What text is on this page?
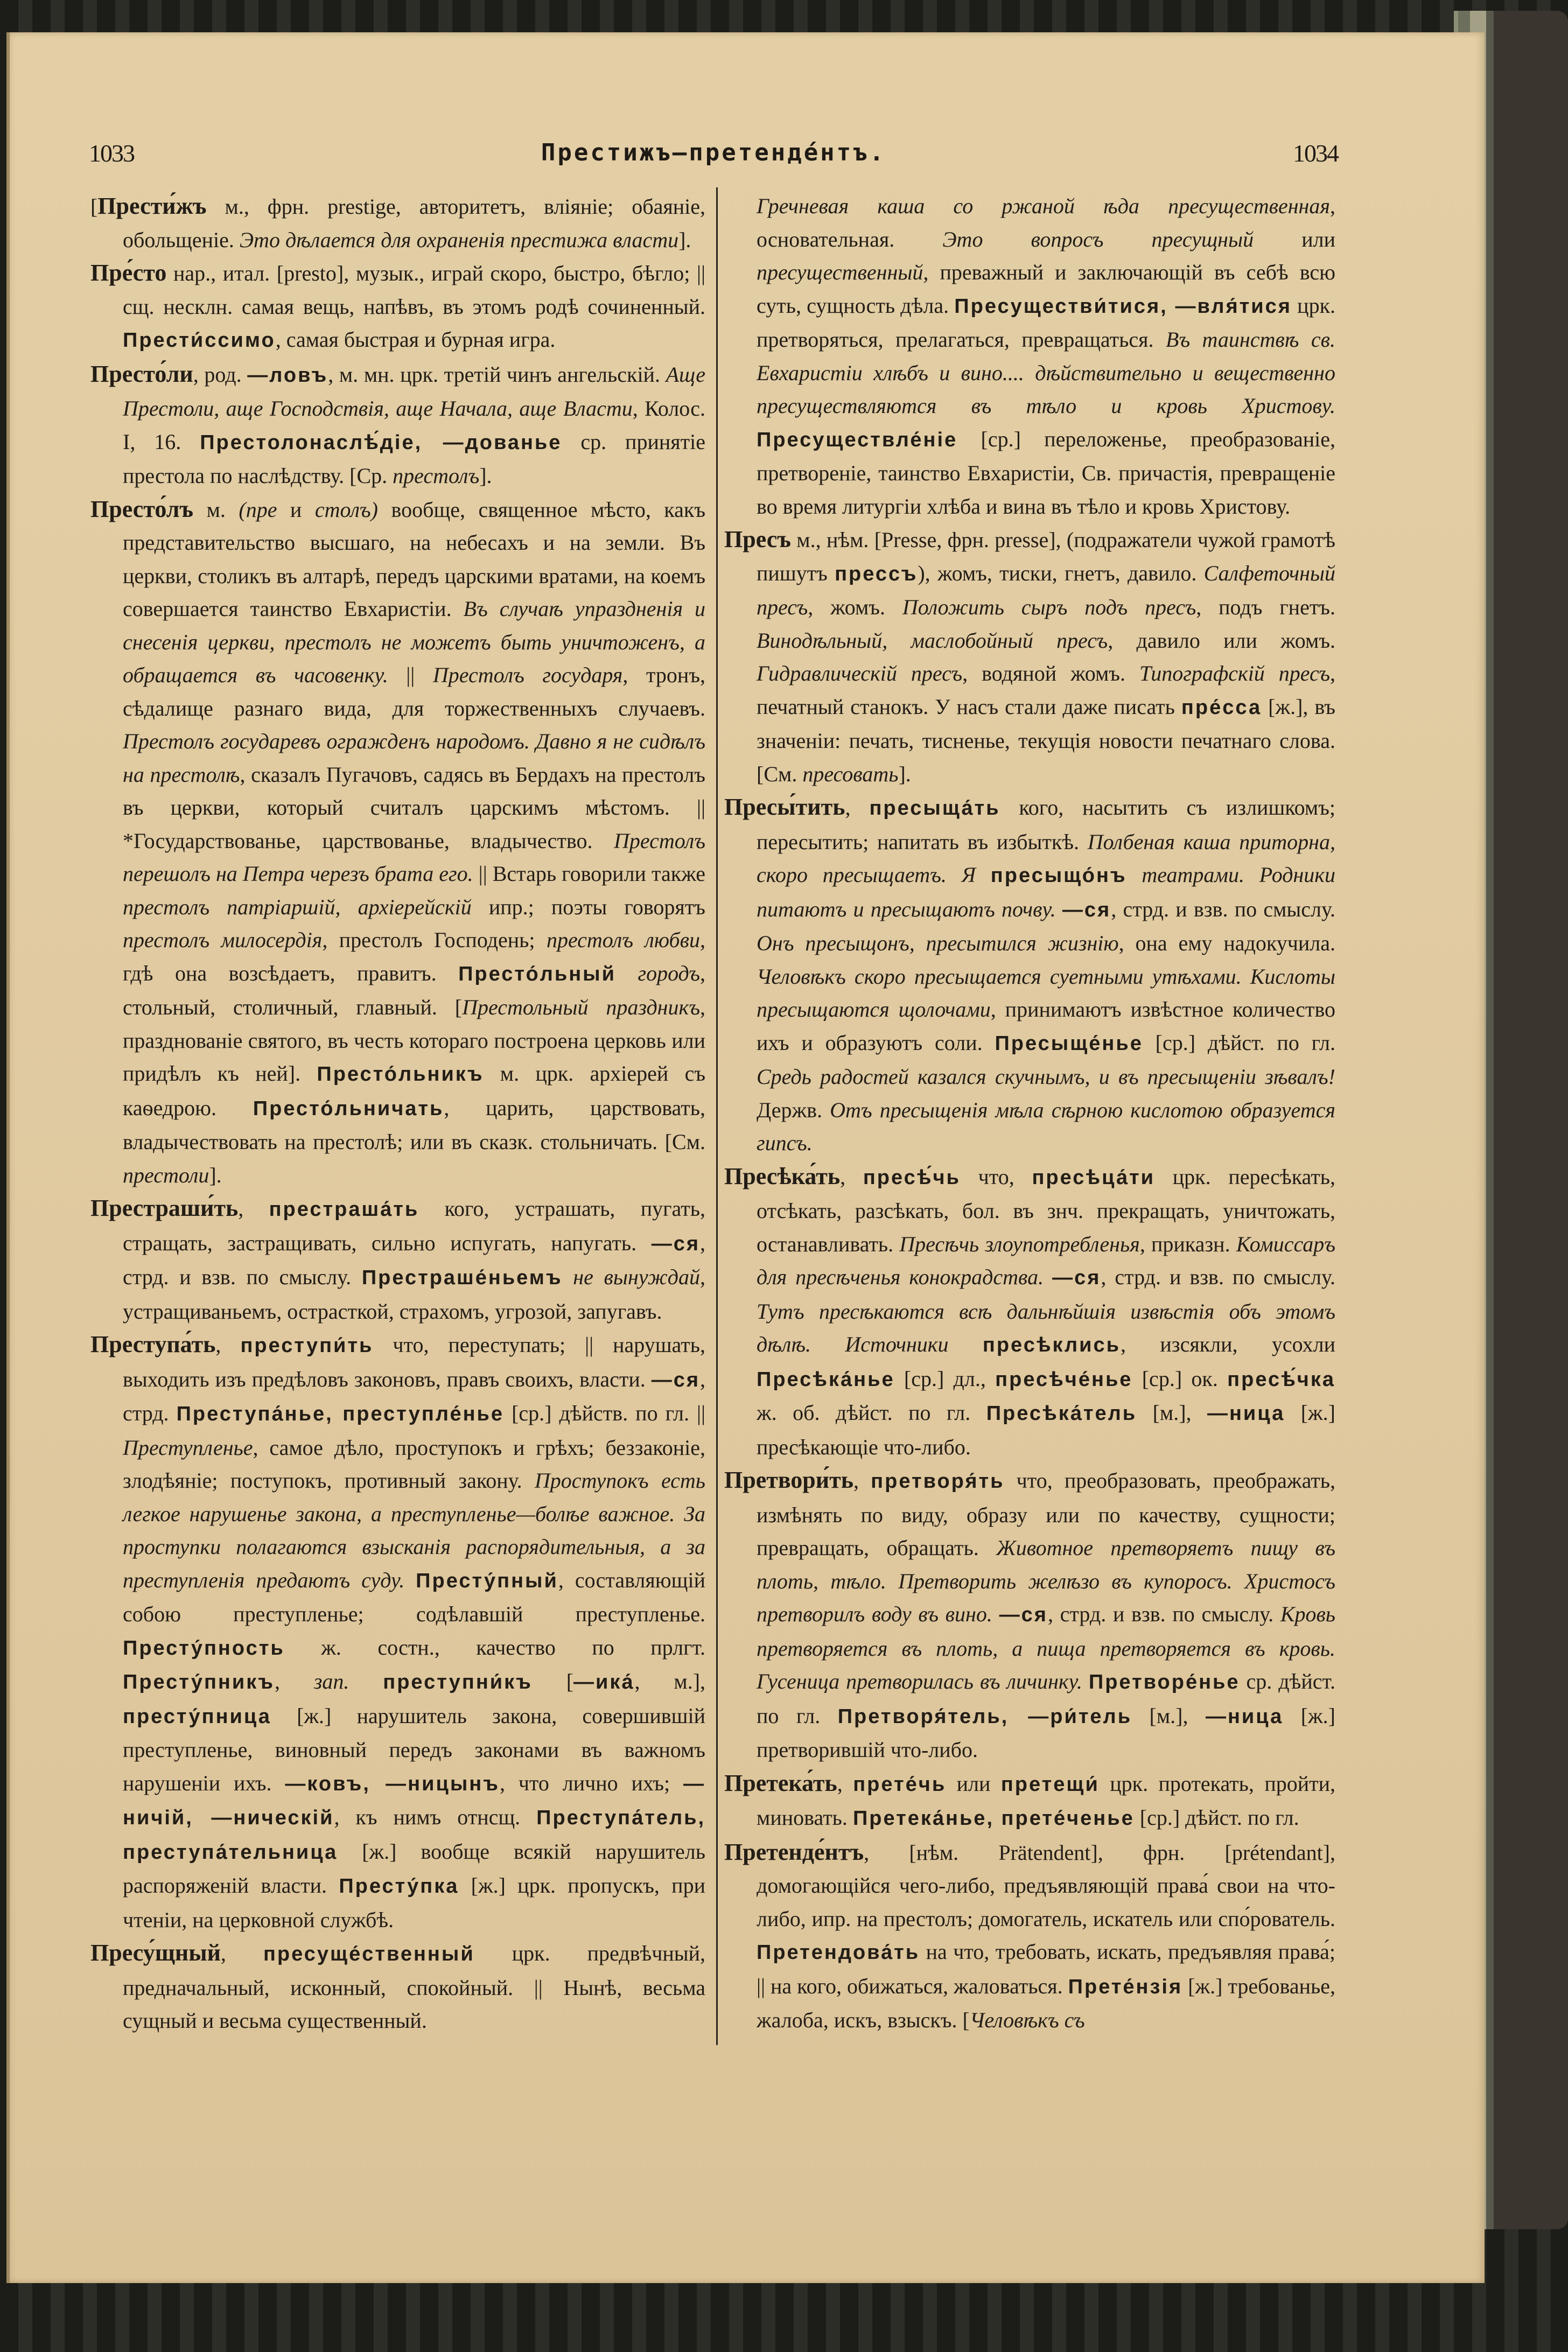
1033	Престижъ—претендéнтъ.	1034

[Прести́жъ м., фрн. prestige, авторитетъ, вліяніе; обаяніе, обольщеніе. Это дѣлается для охраненія престижа власти].

Пре́сто нар., итал. [presto], музык., играй скоро, быстро, бѣгло; || сщ. несклн. самая вещь, напѣвъ, въ этомъ родѣ сочиненный. Прести́ссимо, самая быстрая и бурная игра.

Престо́ли, род. —ловъ, м. мн. црк. третій чинъ ангельскій. Аще Престоли, аще Господствія, аще Начала, аще Власти, Колос. I, 16. Престолонаслѣ́діе, —дованье ср. принятіе престола по наслѣдству. [Ср. престолъ].

Престо́лъ м. (пре и столъ) вообще, священное мѣсто, какъ представительство высшаго, на небесахъ и на земли. Въ церкви, столикъ въ алтарѣ, передъ царскими вратами, на коемъ совершается таинство Евхаристіи. Въ случаѣ упраздненія и снесенія церкви, престолъ не можетъ быть уничтоженъ, а обращается въ часовенку. || Престолъ государя, тронъ, сѣдалище разнаго вида, для торжественныхъ случаевъ. Престолъ государевъ огражденъ народомъ. Давно я не сидѣлъ на престолѣ, сказалъ Пугачовъ, садясь въ Бердахъ на престолъ въ церкви, который считалъ царскимъ мѣстомъ. || *Государствованье, царствованье, владычество. Престолъ перешолъ на Петра черезъ брата его. || Встарь говорили также престолъ патріаршій, архіерейскій ипр.; поэты говорятъ престолъ милосердія, престолъ Господень; престолъ любви, гдѣ она возсѣдаетъ, правитъ. Престо́льный городъ, стольный, столичный, главный. [Престольный праздникъ, празднованіе святого, въ честь котораго построена церковь или придѣлъ къ ней]. Престо́льникъ м. црк. архіерей съ каѳедрою. Престо́льничать, царить, царствовать, владычествовать на престолѣ; или въ сказк. стольничать. [См. престоли].

Престраши́ть, престраша́ть кого, устрашать, пугать, стращать, застращивать, сильно испугать, напугать. —ся, стрд. и взв. по смыслу. Престраше́ньемъ не вынуждай, устращиваньемъ, острасткой, страхомъ, угрозой, запугавъ.

Преступа́ть, преступи́ть что, переступать; || нарушать, выходить изъ предѣловъ законовъ, правъ своихъ, власти. —ся, стрд. Преступа́нье, преступле́нье [ср.] дѣйств. по гл. || Преступленье, самое дѣло, проступокъ и грѣхъ; беззаконіе, злодѣяніе; поступокъ, противный закону. Проступокъ есть легкое нарушенье закона, а преступленье—болѣе важное. За проступки полагаются взысканія распорядительныя, а за преступленія предаютъ суду. Престу́пный, составляющій собою преступленье; содѣлавшій преступленье. Престу́пность ж. состн., качество по прлгт. Престу́пникъ, зап. преступни́къ [—ика́, м.], престу́пница [ж.] нарушитель закона, совершившій преступленье, виновный передъ законами въ важномъ нарушеніи ихъ. —ковъ, —ницынъ, что лично ихъ; —ничій, —ническій, къ нимъ отнсщ. Преступа́тель, преступа́тельница [ж.] вообще всякій нарушитель распоряженій власти. Престу́пка [ж.] црк. пропускъ, при чтеніи, на церковной службѣ.

Пресу́щный, пресуще́ственный црк. предвѣчный, предначальный, исконный, спокойный. || Нынѣ, весьма сущный и весьма существенный.

Гречневая каша со ржаной ѣда пресущественная, основательная. Это вопросъ пресущный или пресущественный, преважный и заключающій въ себѣ всю суть, сущность дѣла. Пресуществи́тися, —вля́тися црк. претворяться, прелагаться, превращаться. Въ таинствѣ св. Евхаристіи хлѣбъ и вино.... дѣйствительно и вещественно пресуществляются въ тѣло и кровь Христову. Пресуществле́ніе [ср.] переложенье, преобразованіе, претвореніе, таинство Евхаристіи, Св. причастія, превращеніе во время литургіи хлѣба и вина въ тѣло и кровь Христову.

Пресъ м., нѣм. [Presse, фрн. presse], (подражатели чужой грамотѣ пишутъ прессъ), жомъ, тиски, гнетъ, давило. Салфеточный пресъ, жомъ. Положить сыръ подъ пресъ, подъ гнетъ. Винодѣльный, маслобойный пресъ, давило или жомъ. Гидравлическій пресъ, водяной жомъ. Типографскій пресъ, печатный станокъ. У насъ стали даже писать пре́сса [ж.], въ значеніи: печать, тисненье, текущія новости печатнаго слова. [См. пресовать].

Пресы́тить, пресыща́ть кого, насытить съ излишкомъ; пересытить; напитать въ избыткѣ. Полбеная каша приторна, скоро пресыщаетъ. Я пресыщо́нъ театрами. Родники питаютъ и пресыщаютъ почву. —ся, стрд. и взв. по смыслу. Онъ пресыщонъ, пресытился жизнію, она ему надокучила. Человѣкъ скоро пресыщается суетными утѣхами. Кислоты пресыщаются щолочами, принимаютъ извѣстное количество ихъ и образуютъ соли. Пресыще́нье [ср.] дѣйст. по гл. Средь радостей казался скучнымъ, и въ пресыщеніи зѣвалъ! Держв. Отъ пресыщенія мѣла сѣрною кислотою образуется гипсъ.

Пресѣка́ть, пресѣ́чь что, пресѣца́ти црк. пересѣкать, отсѣкать, разсѣкать, бол. въ знч. прекращать, уничтожать, останавливать. Пресѣчь злоупотребленья, приказн. Комиссаръ для пресѣченья конокрадства. —ся, стрд. и взв. по смыслу. Тутъ пресѣкаются всѣ дальнѣйшія извѣстія объ этомъ дѣлѣ. Источники пресѣклись, изсякли, усохли Пресѣка́нье [ср.] дл., пресѣче́нье [ср.] ок. пресѣ́чка ж. об. дѣйст. по гл. Пресѣка́тель [м.], —ница [ж.] пресѣкающіе что-либо.

Претвори́ть, претворя́ть что, преобразовать, преображать, измѣнять по виду, образу или по качеству, сущности; превращать, обращать. Животное претворяетъ пищу въ плоть, тѣло. Претворить желѣзо въ купоросъ. Христосъ претворилъ воду въ вино. —ся, стрд. и взв. по смыслу. Кровь претворяется въ плоть, а пища претворяется въ кровь. Гусеница претворилась въ личинку. Претворе́нье ср. дѣйст. по гл. Претворя́тель, —ри́тель [м.], —ница [ж.] претворившій что-либо.

Претека́ть, прете́чь или претещи́ црк. протекать, пройти, миновать. Претека́нье, прете́ченье [ср.] дѣйст. по гл.

Претенде́нтъ, [нѣм. Prätendent], фрн. [prétendant], домогающійся чего-либо, предъявляющій права́ свои на что-либо, ипр. на престолъ; домогатель, искатель или спо́рователь. Претендова́ть на что, требовать, искать, предъявляя права́; || на кого, обижаться, жаловаться. Прете́нзія [ж.] требованье, жалоба, искъ, взыскъ. [Человѣкъ съ
